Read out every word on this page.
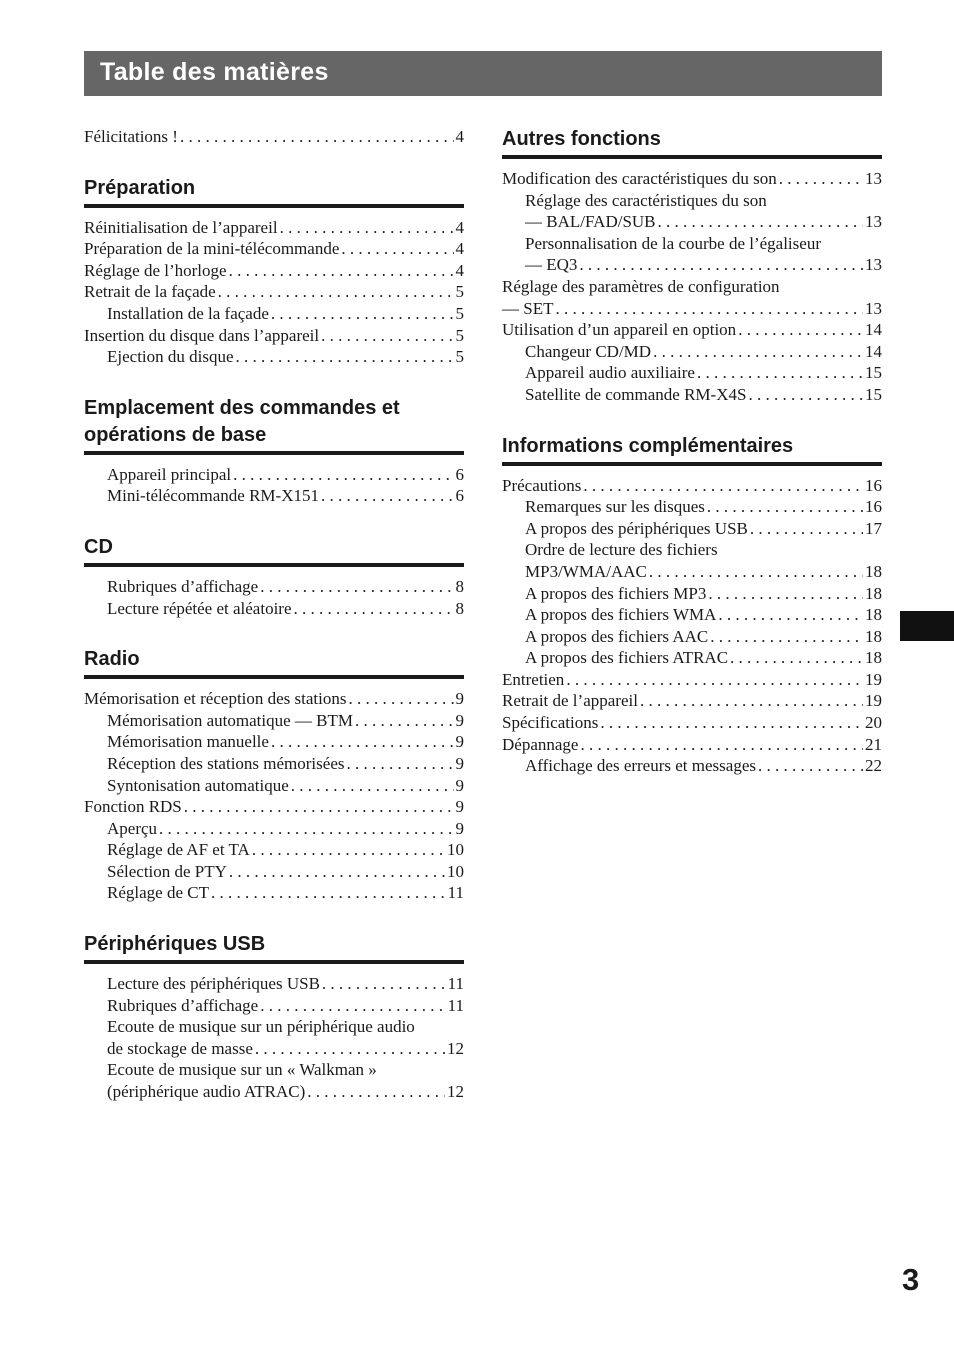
Table des matières
Félicitations ! . . .	4
Préparation
Réinitialisation de l’appareil . . .	4
Préparation de la mini-télécommande . . .	4
Réglage de l’horloge . . .	4
Retrait de la façade . . .	5
Installation de la façade . . .	5
Insertion du disque dans l’appareil . . .	5
Ejection du disque . . .	5
Emplacement des commandes et
opérations de base
Appareil principal . . .	6
Mini-télécommande RM-X151 . . .	6
CD
Rubriques d’affichage . . .	8
Lecture répétée et aléatoire . . .	8
Radio
Mémorisation et réception des stations . . .	9
Mémorisation automatique — BTM . . .	9
Mémorisation manuelle . . .	9
Réception des stations mémorisées . . .	9
Syntonisation automatique . . .	9
Fonction RDS . . .	9
Aperçu . . .	9
Réglage de AF et TA . . .	10
Sélection de PTY . . .	10
Réglage de CT . . .	11
Périphériques USB
Lecture des périphériques USB . . .	11
Rubriques d’affichage . . .	11
Ecoute de musique sur un périphérique audio
de stockage de masse . . .	12
Ecoute de musique sur un « Walkman »
(périphérique audio ATRAC) . . .	12
Autres fonctions
Modification des caractéristiques du son . . .	13
Réglage des caractéristiques du son
— BAL/FAD/SUB . . .	13
Personnalisation de la courbe de l’égaliseur
— EQ3 . . .	13
Réglage des paramètres de configuration
— SET . . .	13
Utilisation d’un appareil en option . . .	14
Changeur CD/MD . . .	14
Appareil audio auxiliaire . . .	15
Satellite de commande RM-X4S . . .	15
Informations complémentaires
Précautions . . .	16
Remarques sur les disques . . .	16
A propos des périphériques USB . . .	17
Ordre de lecture des fichiers
MP3/WMA/AAC . . .	18
A propos des fichiers MP3 . . .	18
A propos des fichiers WMA . . .	18
A propos des fichiers AAC . . .	18
A propos des fichiers ATRAC . . .	18
Entretien . . .	19
Retrait de l’appareil . . .	19
Spécifications . . .	20
Dépannage . . .	21
Affichage des erreurs et messages . . .	22
3
